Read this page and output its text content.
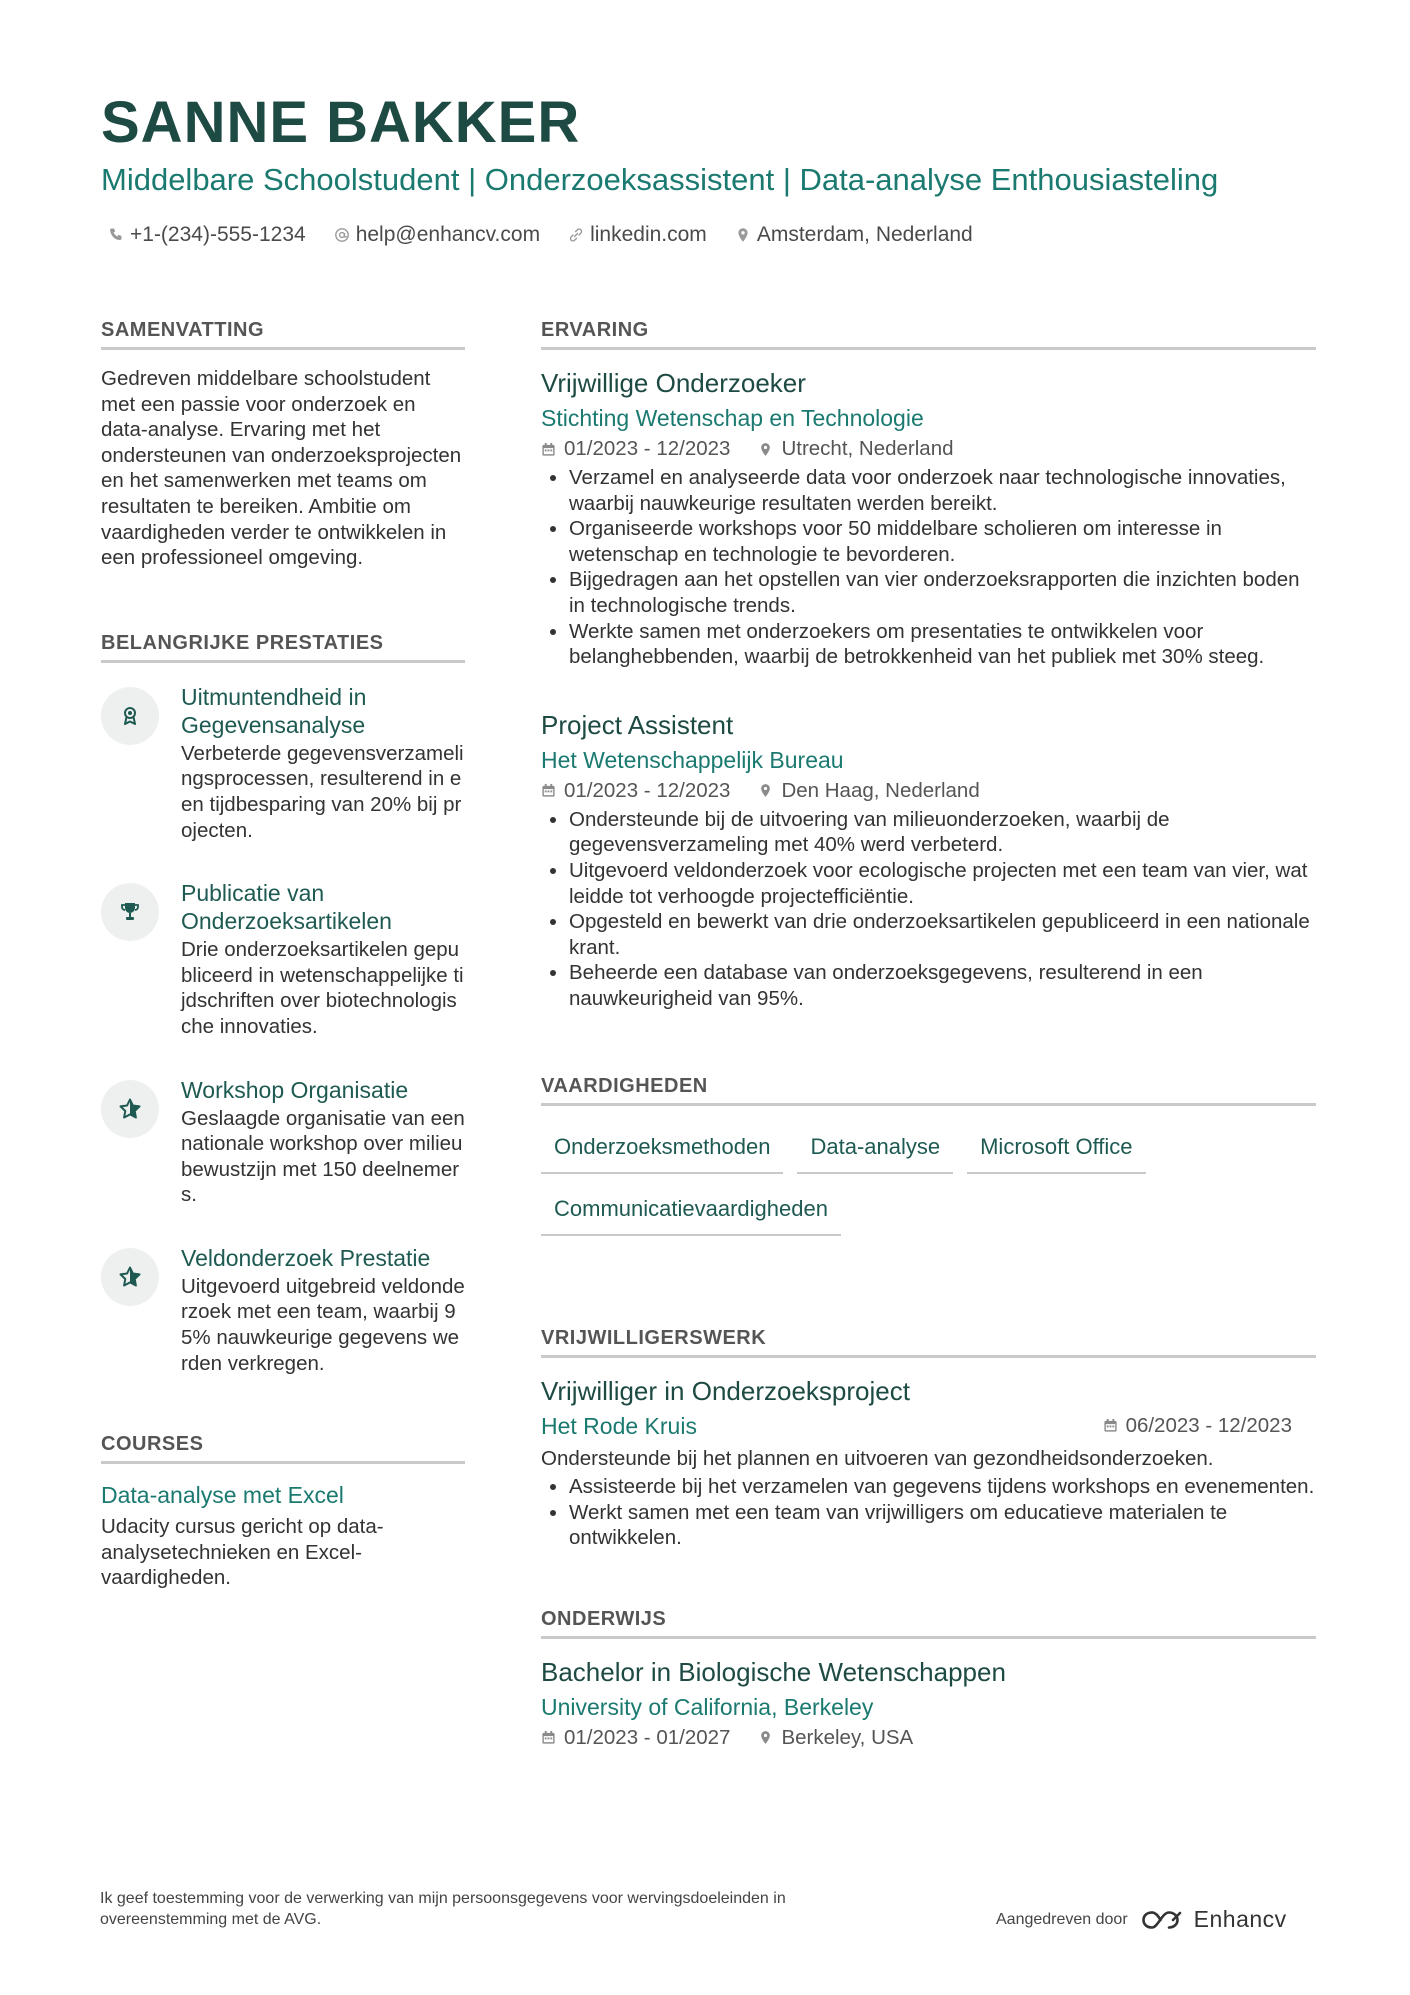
SANNE BAKKER

Middelbare Schoolstudent | Onderzoeksassistent | Data-analyse Enthousiasteling

+1-(234)-555-1234 help@enhancv.com linkedin.com Amsterdam, Nederland
SAMENVATTING

Gedreven middelbare schoolstudent met een passie voor onderzoek en data-analyse. Ervaring met het ondersteunen van onderzoeksprojecten en het samenwerken met teams om resultaten te bereiken. Ambitie om vaardigheden verder te ontwikkelen in een professioneel omgeving.

BELANGRIJKE PRESTATIES

Uitmuntendheid in Gegevensanalyse

Verbeterde gegevensverzamelingsprocessen, resulterend in een tijdbesparing van 20% bij projecten.

Publicatie van Onderzoeksartikelen

Drie onderzoeksartikelen gepubliceerd in wetenschappelijke tijdschriften over biotechnologische innovaties.

Workshop Organisatie

Geslaagde organisatie van een nationale workshop over milieubewustzijn met 150 deelnemers.

Veldonderzoek Prestatie

Uitgevoerd uitgebreid veldonderzoek met een team, waarbij 95% nauwkeurige gegevens werden verkregen.

COURSES

Data-analyse met Excel

Udacity cursus gericht op data-analysetechnieken en Excel-vaardigheden.

ERVARING

Vrijwillige Onderzoeker

Stichting Wetenschap en Technologie

01/2023 - 12/2023 Utrecht, Nederland
• Verzamel en analyseerde data voor onderzoek naar technologische innovaties, waarbij nauwkeurige resultaten werden bereikt.
• Organiseerde workshops voor 50 middelbare scholieren om interesse in wetenschap en technologie te bevorderen.
• Bijgedragen aan het opstellen van vier onderzoeksrapporten die inzichten boden in technologische trends.
• Werkte samen met onderzoekers om presentaties te ontwikkelen voor belanghebbenden, waarbij de betrokkenheid van het publiek met 30% steeg.

Project Assistent

Het Wetenschappelijk Bureau

01/2023 - 12/2023 Den Haag, Nederland
• Ondersteunde bij de uitvoering van milieuonderzoeken, waarbij de gegevensverzameling met 40% werd verbeterd.
• Uitgevoerd veldonderzoek voor ecologische projecten met een team van vier, wat leidde tot verhoogde projectefficiëntie.
• Opgesteld en bewerkt van drie onderzoeksartikelen gepubliceerd in een nationale krant.
• Beheerde een database van onderzoeksgegevens, resulterend in een nauwkeurigheid van 95%.
VAARDIGHEDEN
Onderzoeksmethoden	Data-analyse	Microsoft Office
Communicatievaardigheden
VRIJWILLIGERSWERK

Vrijwilliger in Onderzoeksproject

Het Rode Kruis	06/2023 - 12/2023

Ondersteunde bij het plannen en uitvoeren van gezondheidsonderzoeken.

• Assisteerde bij het verzamelen van gegevens tijdens workshops en evenementen.
• Werkt samen met een team van vrijwilligers om educatieve materialen te ontwikkelen.
ONDERWIJS

Bachelor in Biologische Wetenschappen

University of California, Berkeley

01/2023 - 01/2027 Berkeley, USA

Ik geef toestemming voor de verwerking van mijn persoonsgegevens voor wervingsdoeleinden in overeenstemming met de AVG.	Aangedreven door	Enhancv
